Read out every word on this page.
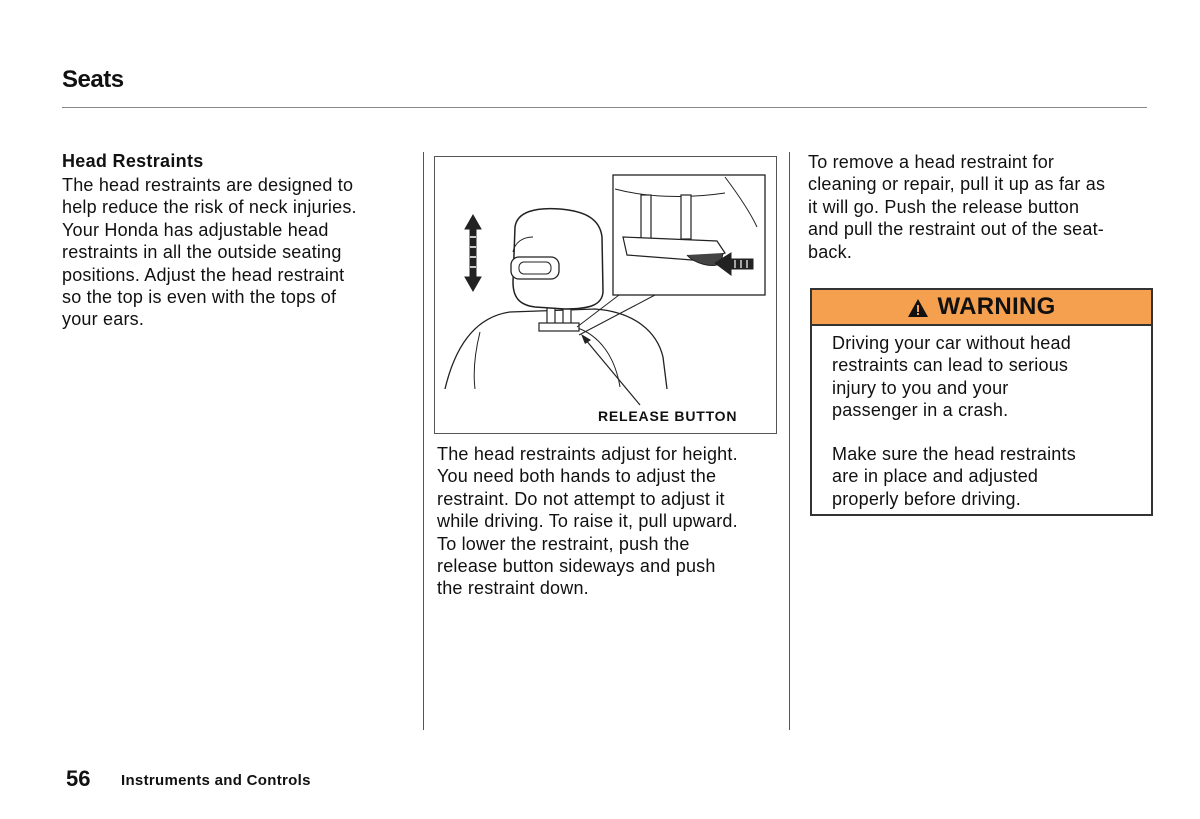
Seats
Head Restraints
The head restraints are designed to
help reduce the risk of neck injuries.
Your Honda has adjustable head
restraints in all the outside seating
positions. Adjust the head restraint
so the top is even with the tops of
your ears.
RELEASE BUTTON
The head restraints adjust for height.
You need both hands to adjust the
restraint. Do not attempt to adjust it
while driving. To raise it, pull upward.
To lower the restraint, push the
release button sideways and push
the restraint down.
To remove a head restraint for
cleaning or repair, pull it up as far as
it will go. Push the release button
and pull the restraint out of the seat-
back.
WARNING
Driving your car without head
restraints can lead to serious
injury to you and your
passenger in a crash.
Make sure the head restraints
are in place and adjusted
properly before driving.
56 Instruments and Controls
